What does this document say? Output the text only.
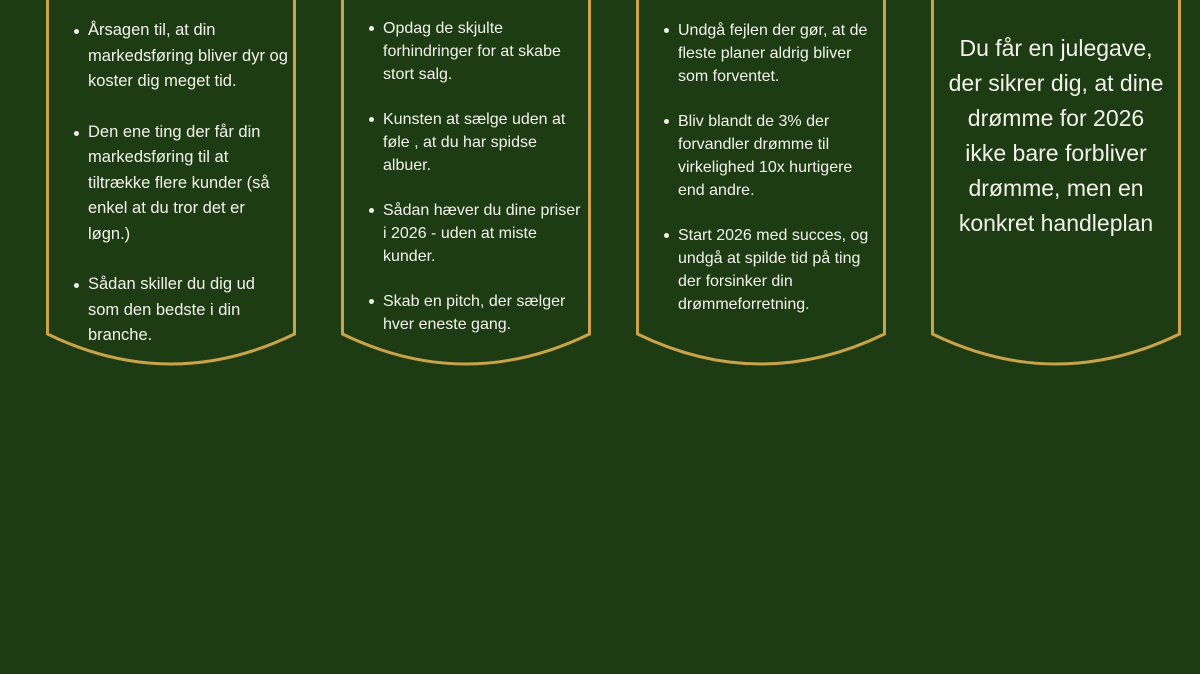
Årsagen til, at din markedsføring bliver dyr og koster dig meget tid.
Den ene ting der får din markedsføring til at tiltrække flere kunder (så enkel at du tror det er løgn.)
Sådan skiller du dig ud som den bedste i din branche.
Opdag de skjulte forhindringer for at skabe stort salg.
Kunsten at sælge uden at føle , at du har spidse albuer.
Sådan hæver du dine priser i 2026 - uden at miste kunder.
Skab en pitch, der sælger hver eneste gang.
Undgå fejlen der gør, at de fleste planer aldrig bliver som forventet.
Bliv blandt de 3% der forvandler drømme til virkelighed 10x hurtigere end andre.
Start 2026 med succes, og undgå at spilde tid på ting der forsinker din drømmeforretning.

Du får en julegave, der sikrer dig, at dine drømme for 2026 ikke bare forbliver drømme, men en konkret handleplan
